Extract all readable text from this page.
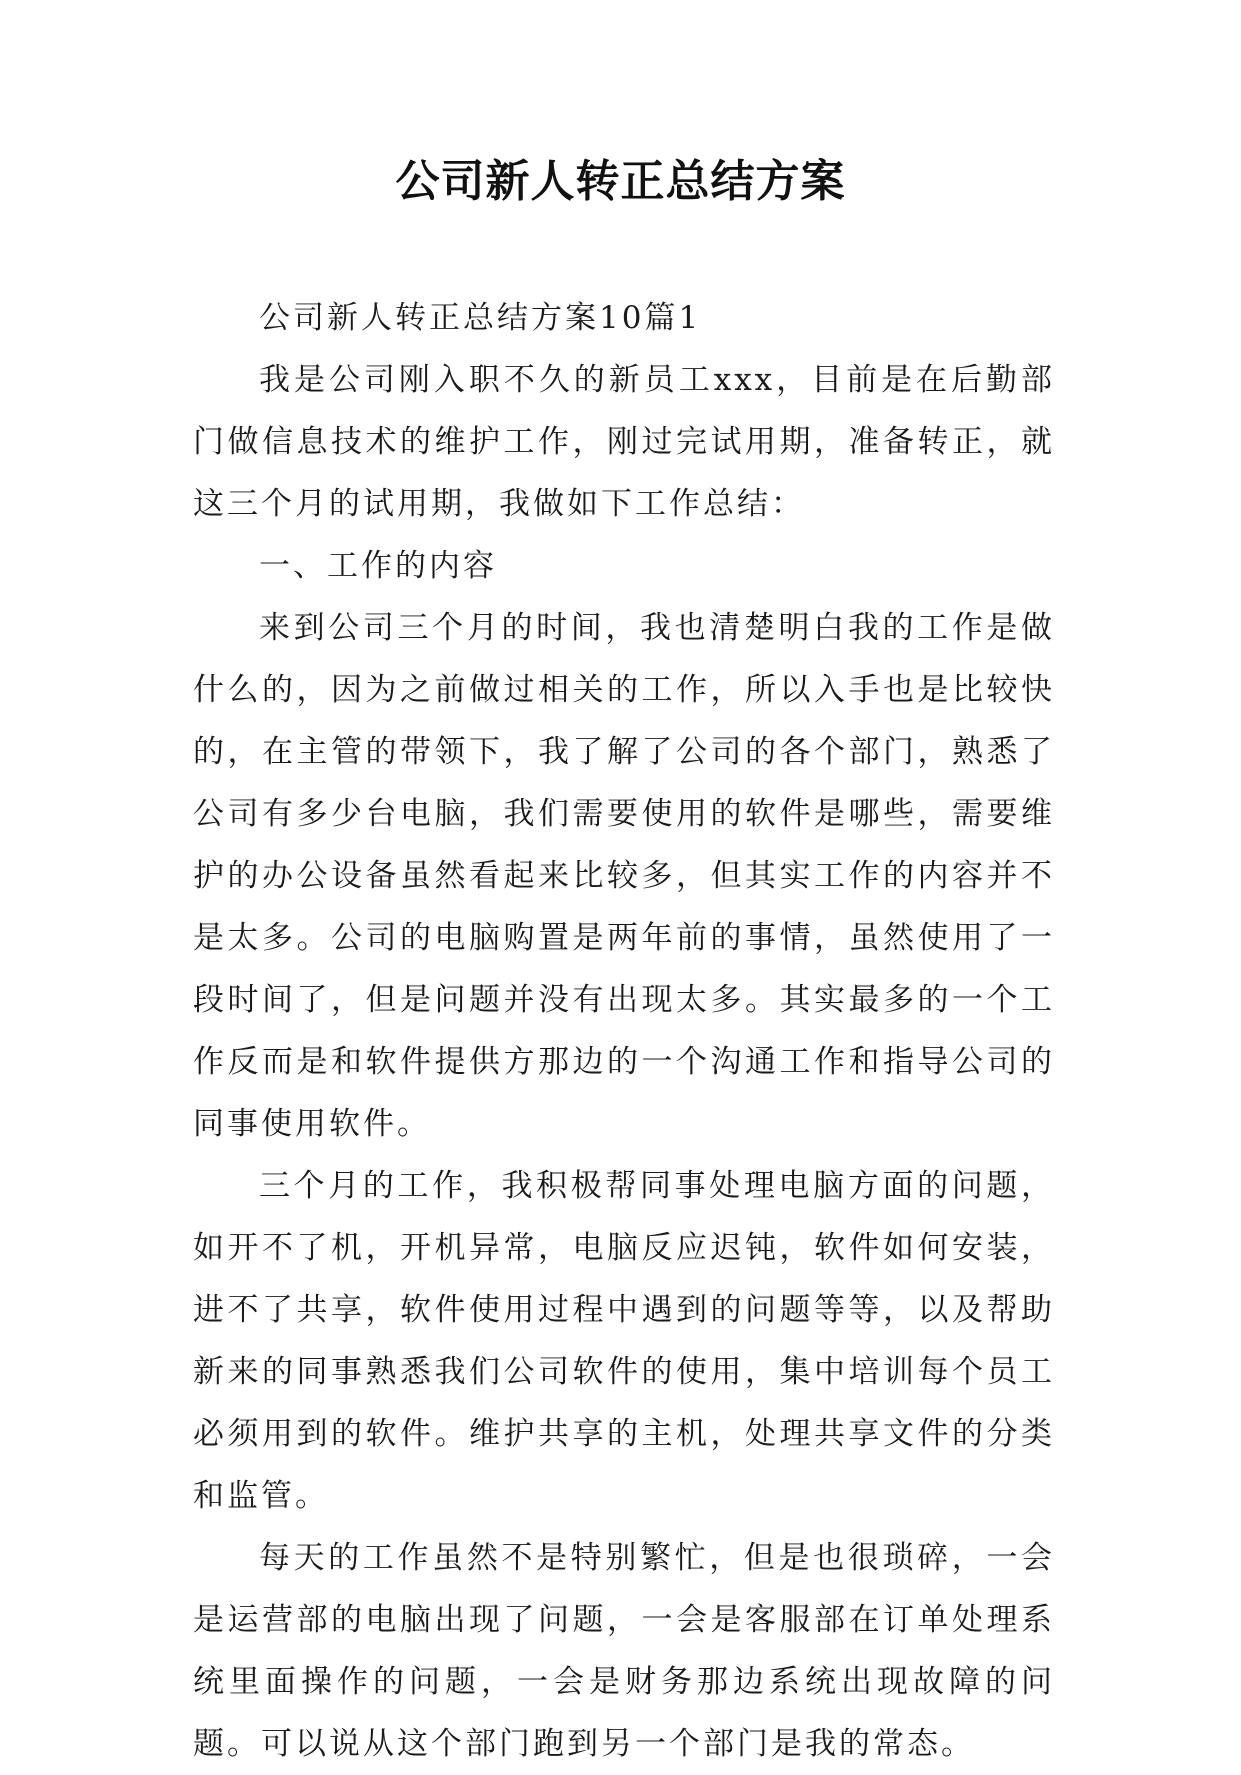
公司新人转正总结方案

公司新人转正总结方案10篇1

我是公司刚入职不久的新员工xxx，目前是在后勤部门做信息技术的维护工作，刚过完试用期，准备转正，就这三个月的试用期，我做如下工作总结：

一、工作的内容

来到公司三个月的时间，我也清楚明白我的工作是做什么的，因为之前做过相关的工作，所以入手也是比较快的，在主管的带领下，我了解了公司的各个部门，熟悉了公司有多少台电脑，我们需要使用的软件是哪些，需要维护的办公设备虽然看起来比较多，但其实工作的内容并不是太多。公司的电脑购置是两年前的事情，虽然使用了一段时间了，但是问题并没有出现太多。其实最多的一个工作反而是和软件提供方那边的一个沟通工作和指导公司的同事使用软件。

三个月的工作，我积极帮同事处理电脑方面的问题，如开不了机，开机异常，电脑反应迟钝，软件如何安装，进不了共享，软件使用过程中遇到的问题等等，以及帮助新来的同事熟悉我们公司软件的使用，集中培训每个员工必须用到的软件。维护共享的主机，处理共享文件的分类和监管。

每天的工作虽然不是特别繁忙，但是也很琐碎，一会是运营部的电脑出现了问题，一会是客服部在订单处理系统里面操作的问题，一会是财务那边系统出现故障的问题。可以说从这个部门跑到另一个部门是我的常态。
